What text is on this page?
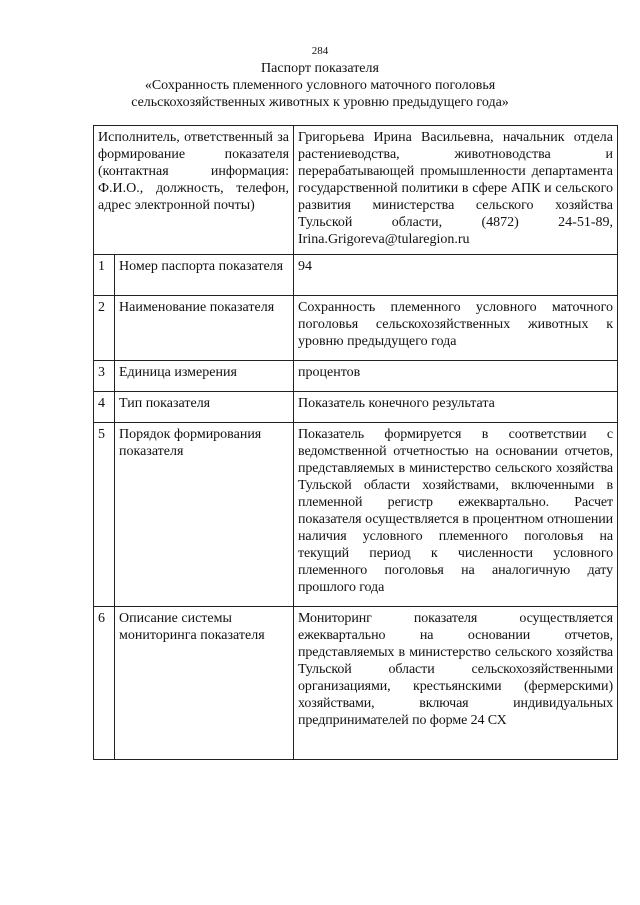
284
Паспорт показателя
«Сохранность племенного условного маточного поголовья
сельскохозяйственных животных к уровню предыдущего года»
Исполнитель, ответственный за формирование показателя (контактная информация: Ф.И.О., должность, телефон, адрес электронной почты)		Григорьева Ирина Васильевна, начальник отдела растениеводства, животноводства и перерабатывающей промышленности департамента государственной политики в сфере АПК и сельского развития министерства сельского хозяйства Тульской области, (4872) 24-51-89, Irina.Grigoreva@tularegion.ru
1	Номер паспорта показателя	94
2	Наименование показателя	Сохранность племенного условного маточного поголовья сельскохозяйственных животных к уровню предыдущего года
3	Единица измерения	процентов
4	Тип показателя	Показатель конечного результата
5	Порядок формирования показателя	Показатель формируется в соответствии с ведомственной отчетностью на основании отчетов, представляемых в министерство сельского хозяйства Тульской области хозяйствами, включенными в племенной регистр ежеквартально. Расчет показателя осуществляется в процентном отношении наличия условного племенного поголовья на текущий период к численности условного племенного поголовья на аналогичную дату прошлого года
6	Описание системы мониторинга показателя	Мониторинг показателя осуществляется ежеквартально на основании отчетов, представляемых в министерство сельского хозяйства Тульской области сельскохозяйственными организациями, крестьянскими (фермерскими) хозяйствами, включая индивидуальных предпринимателей по форме 24 СХ
